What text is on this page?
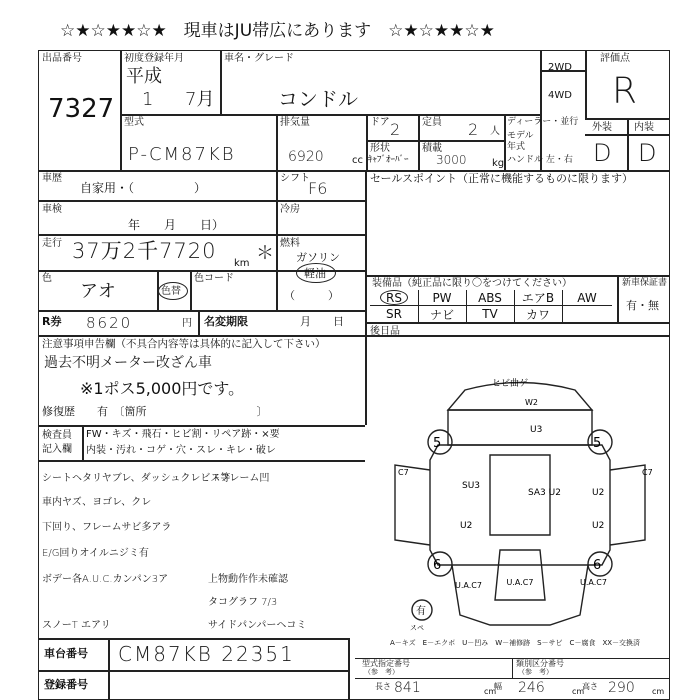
☆★☆★★☆★　現車はJU帯広にあります　☆★☆★★☆★
出品番号
7327
初度登録年月
平成
1 7月
車名・グレード
コンドル
2WD
4WD
評価点
R
外装 内装
D D
型式
P-CM87KB
排気量
6920	cc
ドア 2 定員 2 人
ディーラー・並行
モデル
年式
ハンドル 左・右
形状
ｷｬﾌﾞｵｰﾊﾞｰ
積載
3000	kg
車歴
自家用・（　　　　　）
シフト
F6
車検
年　　月　　日）
冷房
走行 37万2千7720
km ＊ 燃料
ガソリン
軽油
（　　　）
色
アオ	色替
色コード
R券 8620	円 名変期限	月　　日
セールスポイント（正常に機能するものに限ります）
装備品（純正品に限り〇をつけてください）	新車保証書
有・無
RS	PW	ABS	エアB	AW
SR	ナビ	TV	カワ
後日品
注意事項申告欄（不具合内容等は具体的に記入して下さい）
過去不明メーター改ざん車
※1ポス5,000円です。
修復歴　　有　〔箇所　　　　　　　　　　〕
検査員
記入欄
FW・キズ・飛石・ヒビ割・リペア跡・×要
内装・汚れ・コゲ・穴・スレ・キレ・破レ
シートヘタリヤブレ、ダッシュクレビス等
車内ヤズ、ヨゴレ、クレ
下回り、フレームサビ多アラ
E/G回りオイルニジミ有
ボデー各A.U.C.カンパン3ア
Fフレーム凹
上物動作作未確認
タコグラフ 7/3
サイドパンパーヘコミ
スノーT エアリ
ヒビ曲ゲ
W2
U3
SU3
SA3 U2	U2
U2	U2
U.A.C7	U.A.C7	U.A.C7
C7	C7
5	5
6	6
有
スペ
A－キズ　E－エクボ　U－凹み　W－補修跡　S－サビ　C－腐食　XX－交換済
車台番号 CM87KB 22351
登録番号
型式指定番号
（参　考）
類別区分番号
（参　考）
長さ 841	cm
幅 246	cm
高さ 290 cm
